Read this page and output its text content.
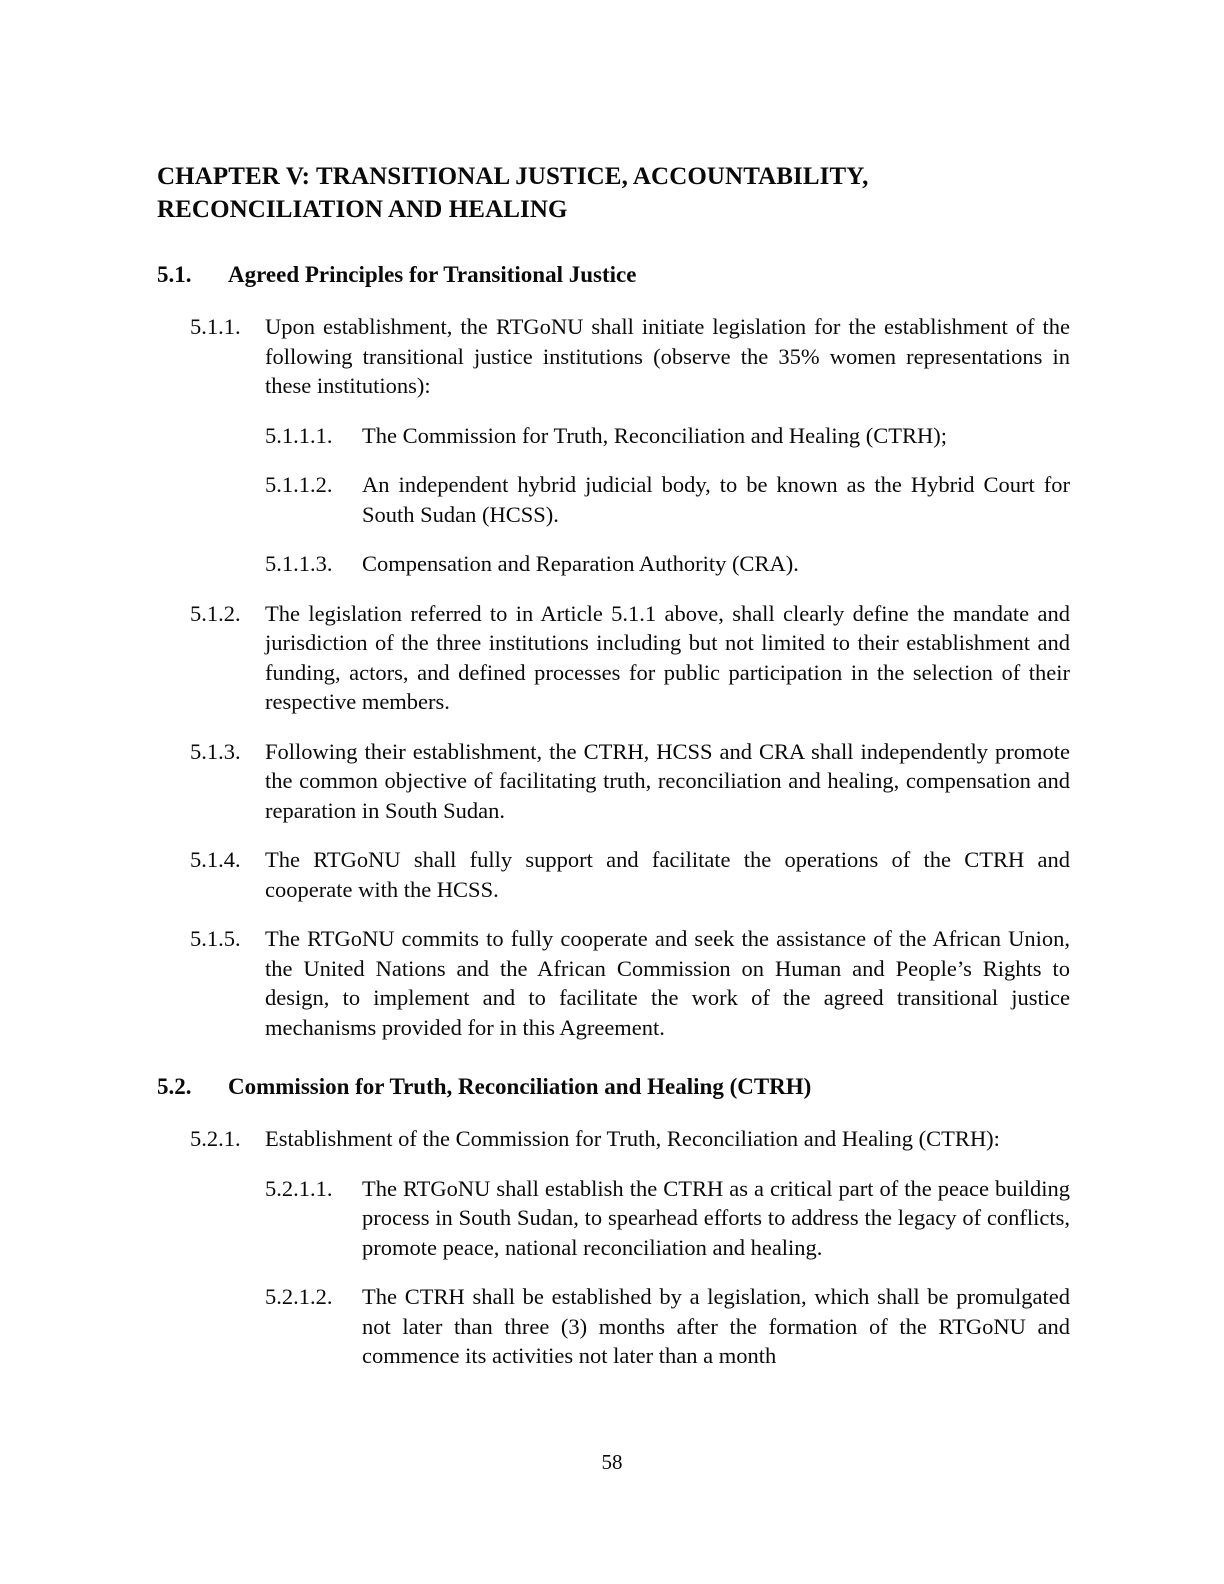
CHAPTER V: TRANSITIONAL JUSTICE, ACCOUNTABILITY,
RECONCILIATION AND HEALING
5.1.	Agreed Principles for Transitional Justice
5.1.1.	Upon establishment, the RTGoNU shall initiate legislation for the establishment of the following transitional justice institutions (observe the 35% women representations in these institutions):
5.1.1.1.	The Commission for Truth, Reconciliation and Healing (CTRH);
5.1.1.2.	An independent hybrid judicial body, to be known as the Hybrid Court for South Sudan (HCSS).
5.1.1.3.	Compensation and Reparation Authority (CRA).
5.1.2.	The legislation referred to in Article 5.1.1 above, shall clearly define the mandate and jurisdiction of the three institutions including but not limited to their establishment and funding, actors, and defined processes for public participation in the selection of their respective members.
5.1.3.	Following their establishment, the CTRH, HCSS and CRA shall independently promote the common objective of facilitating truth, reconciliation and healing, compensation and reparation in South Sudan.
5.1.4.	The RTGoNU shall fully support and facilitate the operations of the CTRH and cooperate with the HCSS.
5.1.5.	The RTGoNU commits to fully cooperate and seek the assistance of the African Union, the United Nations and the African Commission on Human and People’s Rights to design, to implement and to facilitate the work of the agreed transitional justice mechanisms provided for in this Agreement.
5.2.	Commission for Truth, Reconciliation and Healing (CTRH)
5.2.1.	Establishment of the Commission for Truth, Reconciliation and Healing (CTRH):
5.2.1.1.	The RTGoNU shall establish the CTRH as a critical part of the peace building process in South Sudan, to spearhead efforts to address the legacy of conflicts, promote peace, national reconciliation and healing.
5.2.1.2.	The CTRH shall be established by a legislation, which shall be promulgated not later than three (3) months after the formation of the RTGoNU and commence its activities not later than a month
58
